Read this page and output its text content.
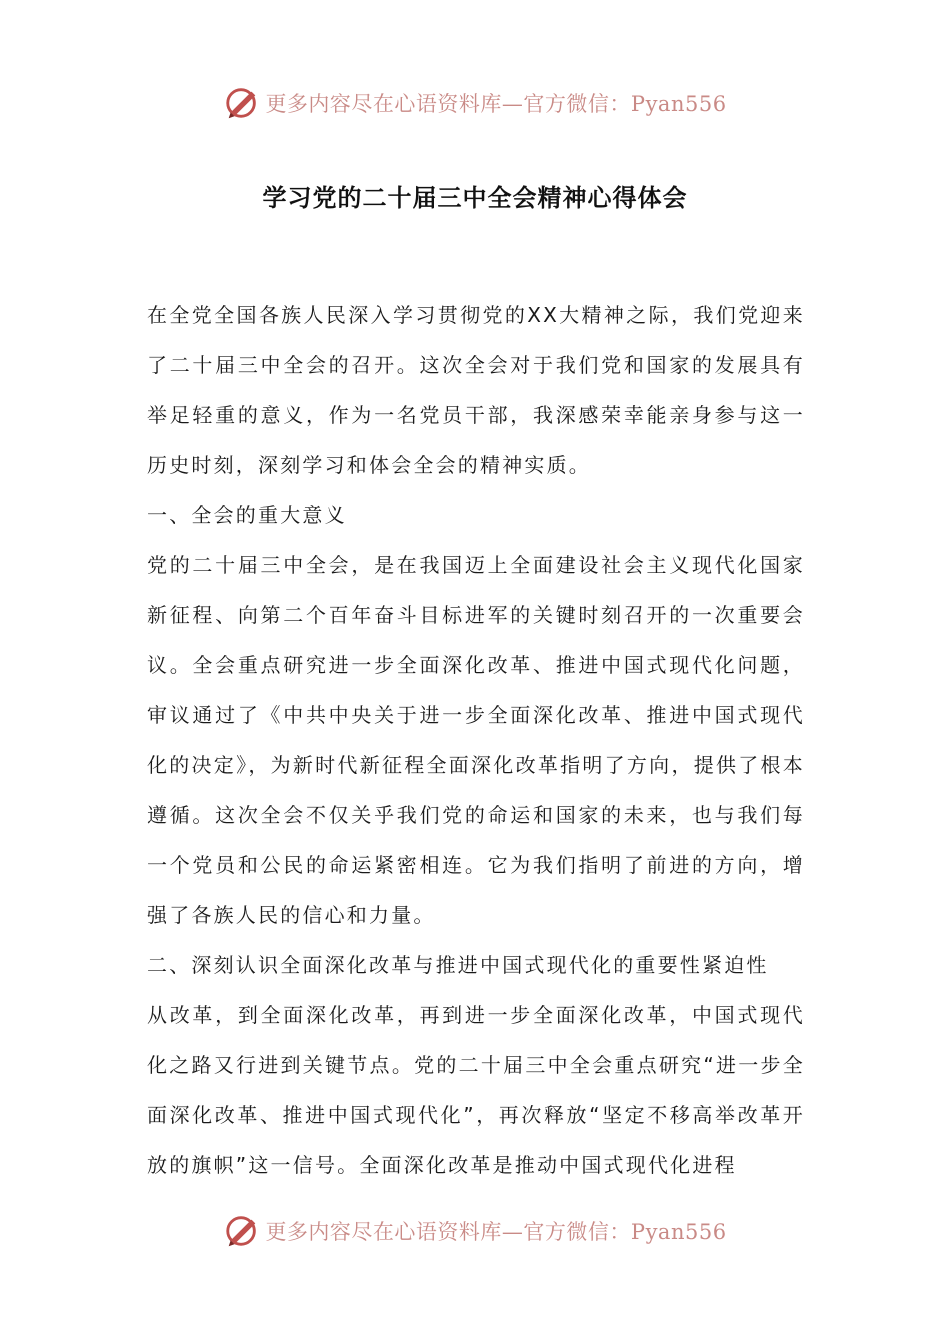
更多内容尽在心语资料库—官方微信：Pyan556
学习党的二十届三中全会精神心得体会

在全党全国各族人民深入学习贯彻党的XX大精神之际，我们党迎来了二十届三中全会的召开。这次全会对于我们党和国家的发展具有举足轻重的意义，作为一名党员干部，我深感荣幸能亲身参与这一历史时刻，深刻学习和体会全会的精神实质。

一、全会的重大意义

党的二十届三中全会，是在我国迈上全面建设社会主义现代化国家新征程、向第二个百年奋斗目标进军的关键时刻召开的一次重要会议。全会重点研究进一步全面深化改革、推进中国式现代化问题，审议通过了《中共中央关于进一步全面深化改革、推进中国式现代化的决定》，为新时代新征程全面深化改革指明了方向，提供了根本遵循。这次全会不仅关乎我们党的命运和国家的未来，也与我们每一个党员和公民的命运紧密相连。它为我们指明了前进的方向，增强了各族人民的信心和力量。

二、深刻认识全面深化改革与推进中国式现代化的重要性紧迫性

从改革，到全面深化改革，再到进一步全面深化改革，中国式现代化之路又行进到关键节点。党的二十届三中全会重点研究“进一步全面深化改革、推进中国式现代化”，再次释放“坚定不移高举改革开放的旗帜”这一信号。全面深化改革是推动中国式现代化进程

更多内容尽在心语资料库—官方微信：Pyan556
